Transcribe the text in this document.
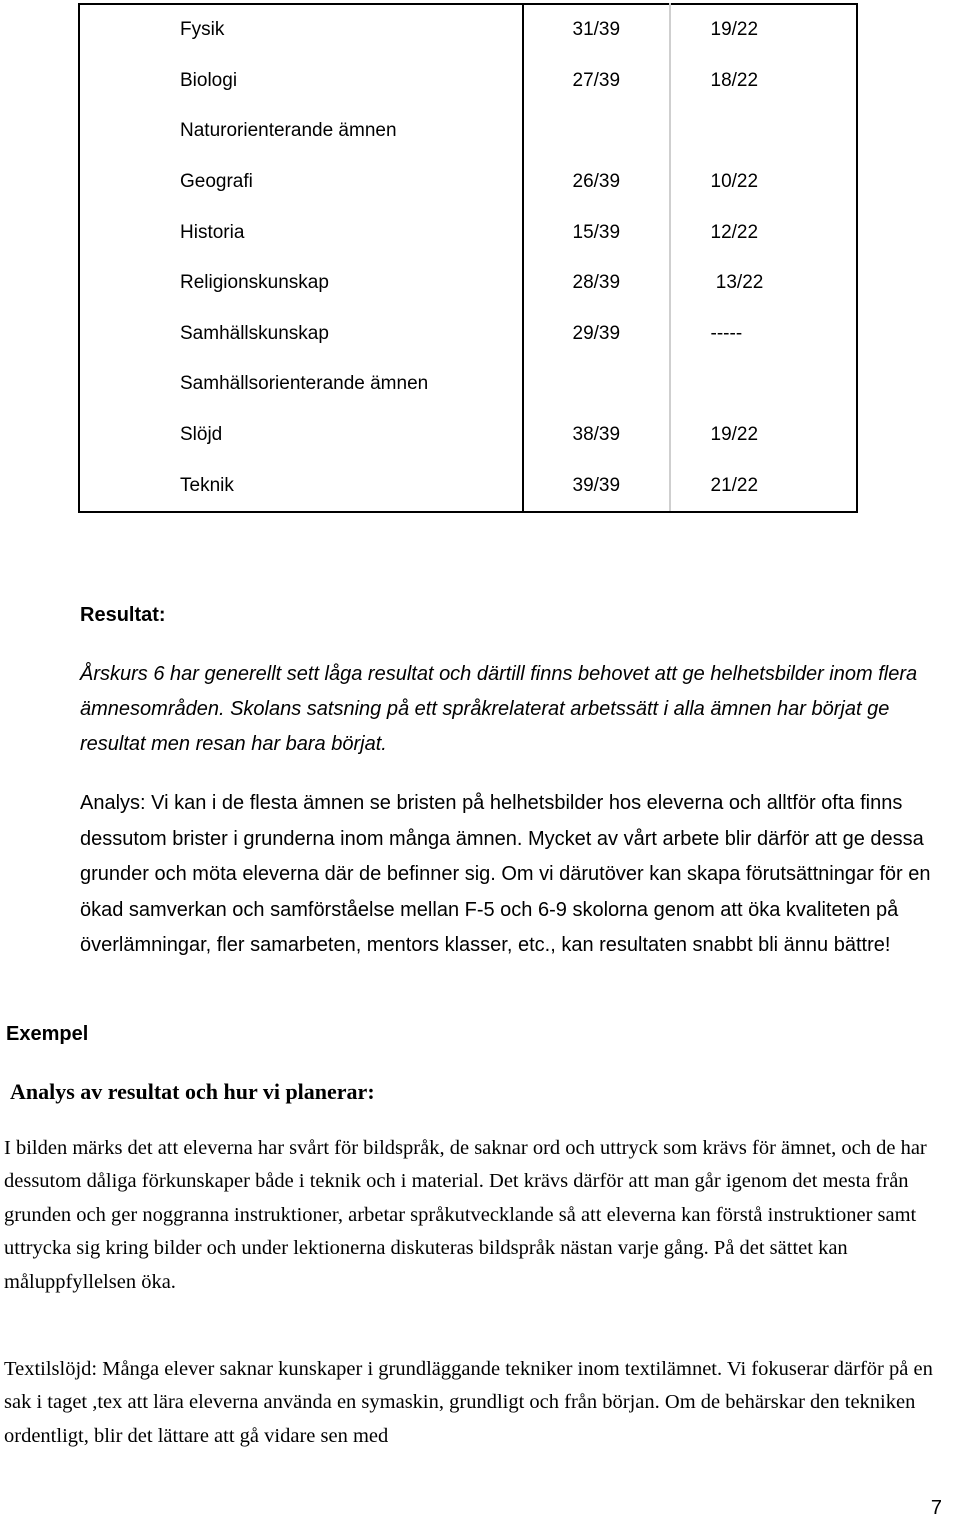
Fysik	31/39	19/22
Biologi	27/39	18/22
Naturorienterande ämnen		
Geografi	26/39	10/22
Historia	15/39	12/22
Religionskunskap	28/39	13/22
Samhällskunskap	29/39	-----
Samhällsorienterande ämnen		
Slöjd	38/39	19/22
Teknik	39/39	21/22
Resultat:
Årskurs 6 har generellt sett låga resultat och därtill finns behovet att ge helhetsbilder inom flera ämnesområden. Skolans satsning på ett språkrelaterat arbetssätt i alla ämnen har börjat ge resultat men resan har bara börjat.
Analys: Vi kan i de flesta ämnen se bristen på helhetsbilder hos eleverna och alltför ofta finns dessutom brister i grunderna inom många ämnen. Mycket av vårt arbete blir därför att ge dessa grunder och möta eleverna där de befinner sig. Om vi därutöver kan skapa förutsättningar för en ökad samverkan och samförståelse mellan F-5 och 6-9 skolorna genom att öka kvaliteten på överlämningar, fler samarbeten, mentors klasser, etc., kan resultaten snabbt bli ännu bättre!
Exempel
Analys av resultat och hur vi planerar:
I bilden märks det att eleverna har svårt för bildspråk, de saknar ord och uttryck som krävs för ämnet, och de har dessutom dåliga förkunskaper både i teknik och i material. Det krävs därför att man går igenom det mesta från grunden och ger noggranna instruktioner, arbetar språkutvecklande så att eleverna kan förstå instruktioner samt uttrycka sig kring bilder och under lektionerna diskuteras bildspråk nästan varje gång. På det sättet kan måluppfyllelsen öka.
Textilslöjd: Många elever saknar kunskaper i grundläggande tekniker inom textilämnet. Vi fokuserar därför på en sak i taget ,tex att lära eleverna använda en symaskin, grundligt och från början. Om de behärskar den tekniken ordentligt, blir det lättare att gå vidare sen med
7
